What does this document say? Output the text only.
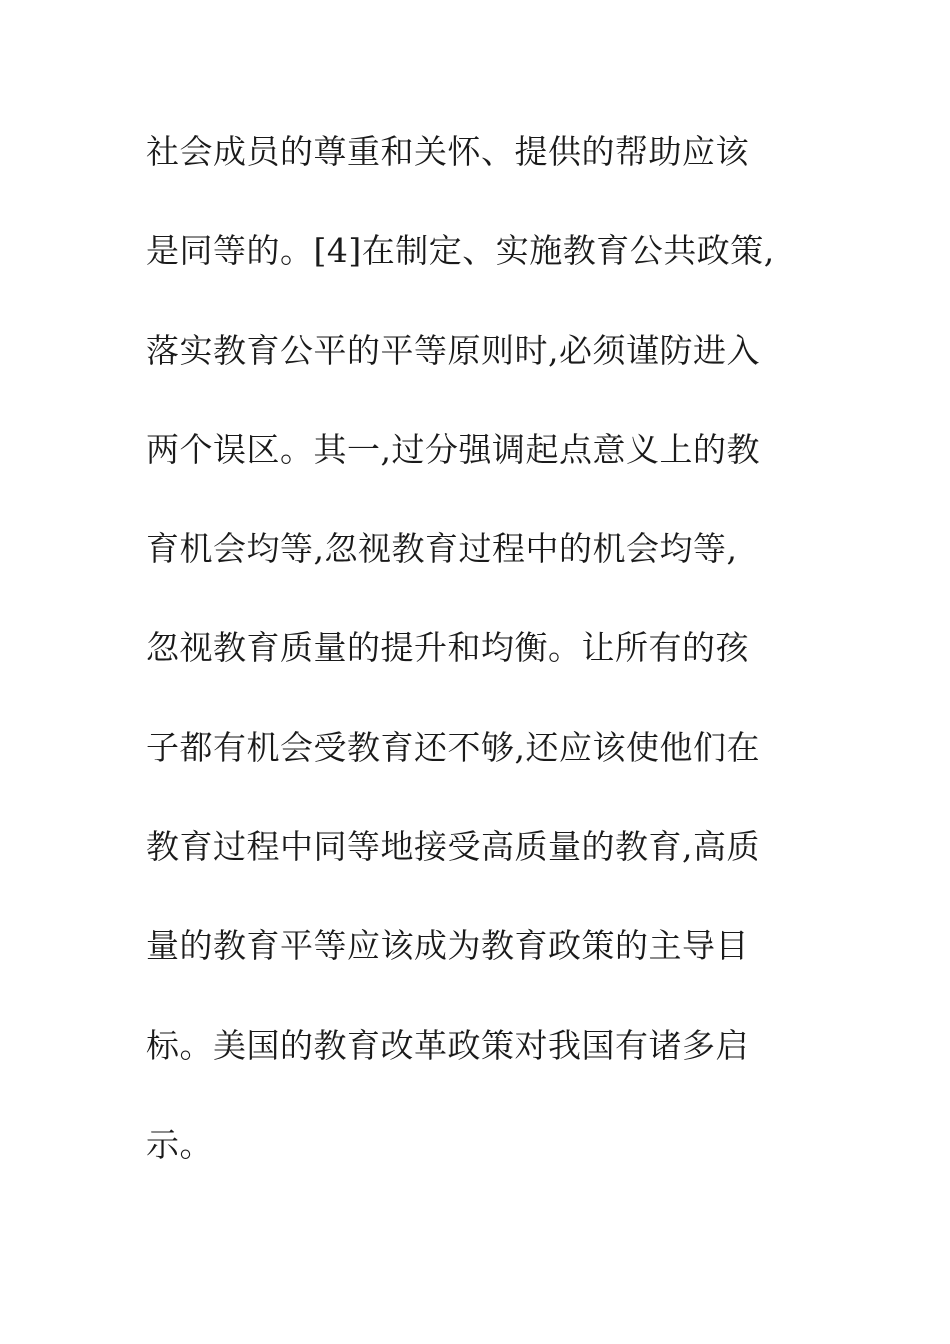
社会成员的尊重和关怀、提供的帮助应该
是同等的。[4]在制定、实施教育公共政策,
落实教育公平的平等原则时,必须谨防进入
两个误区。其一,过分强调起点意义上的教
育机会均等,忽视教育过程中的机会均等,
忽视教育质量的提升和均衡。让所有的孩
子都有机会受教育还不够,还应该使他们在
教育过程中同等地接受高质量的教育,高质
量的教育平等应该成为教育政策的主导目
标。美国的教育改革政策对我国有诸多启
示。
